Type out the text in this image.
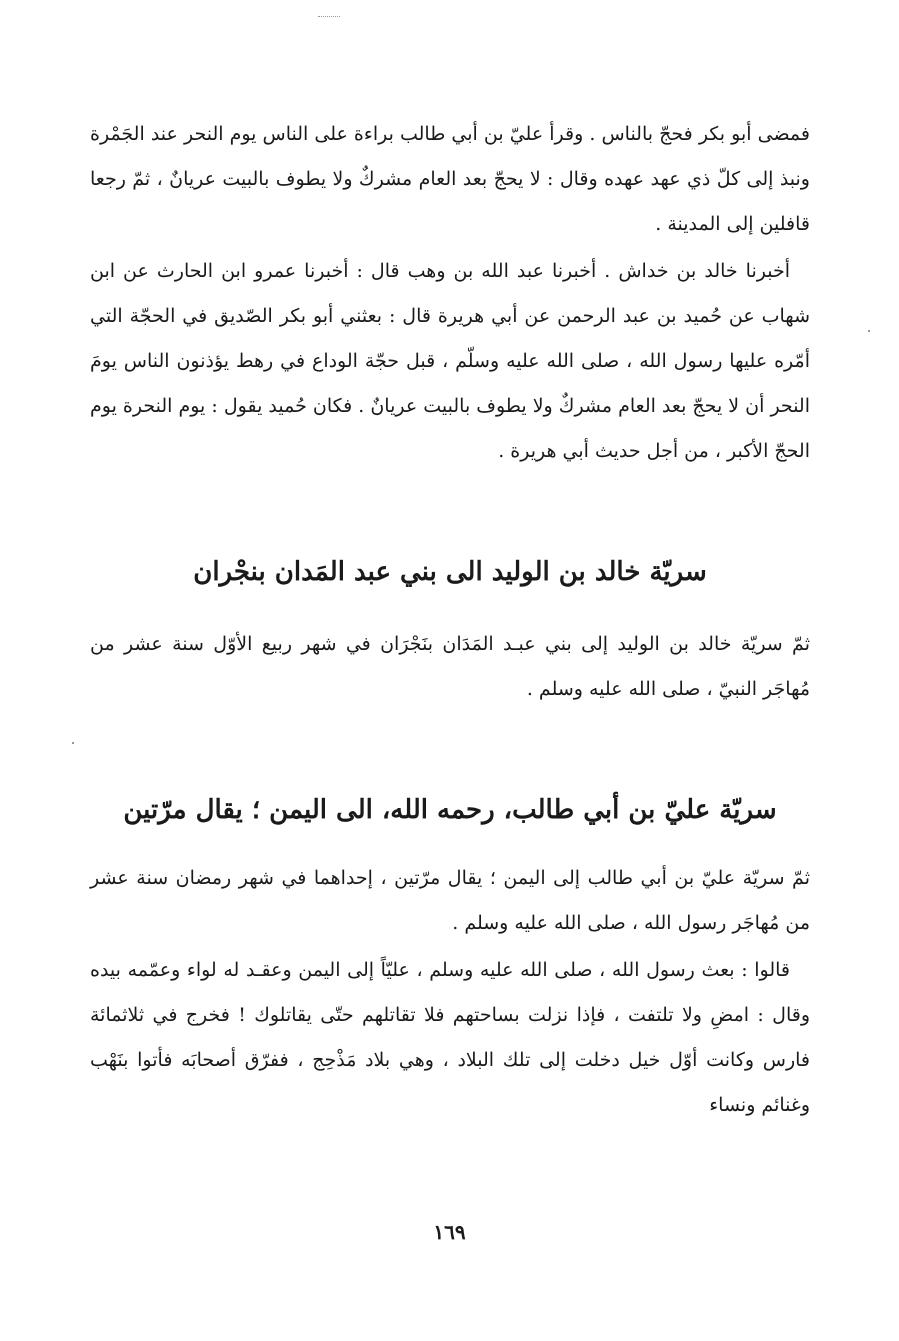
فمضى أبو بكر فحجّ بالناس . وقرأ عليّ بن أبي طالب براءة على الناس يوم النحر عند الجَمْرة ونبذ إلى كلّ ذي عهد عهده وقال : لا يحجّ بعد العام مشركٌ ولا يطوف بالبيت عريانٌ ، ثمّ رجعا قافلين إلى المدينة .

أخبرنا خالد بن خداش . أخبرنا عبد الله بن وهب قال : أخبرنا عمرو ابن الحارث عن ابن شهاب عن حُميد بن عبد الرحمن عن أبي هريرة قال : بعثني أبو بكر الصّديق في الحجّة التي أمّره عليها رسول الله ، صلى الله عليه وسلّم ، قبل حجّة الوداع في رهط يؤذنون الناس يومَ النحر أن لا يحجّ بعد العام مشركٌ ولا يطوف بالبيت عريانٌ . فكان حُميد يقول : يوم النحرة يوم الحجّ الأكبر ، من أجل حديث أبي هريرة .

سريّة خالد بن الوليد الى بني عبد المَدان بنجْران

ثمّ سريّة خالد بن الوليد إلى بني عبـد المَدَان بنَجْرَان في شهر ربيع الأوّل سنة عشر من مُهاجَر النبيّ ، صلى الله عليه وسلم .

سريّة عليّ بن أبي طالب، رحمه الله، الى اليمن ؛ يقال مرّتين

ثمّ سريّة عليّ بن أبي طالب إلى اليمن ؛ يقال مرّتين ، إحداهما في شهر رمضان سنة عشر من مُهاجَر رسول الله ، صلى الله عليه وسلم .

قالوا : بعث رسول الله ، صلى الله عليه وسلم ، عليّاً إلى اليمن وعقـد له لواء وعمّمه بيده وقال : امضِ ولا تلتفت ، فإذا نزلت بساحتهم فلا تقاتلهم حتّى يقاتلوك ! فخرج في ثلاثمائة فارس وكانت أوّل خيل دخلت إلى تلك البلاد ، وهي بلاد مَذْحِج ، ففرّق أصحابَه فأتوا بنَهْب وغنائم ونساء

١٦٩
